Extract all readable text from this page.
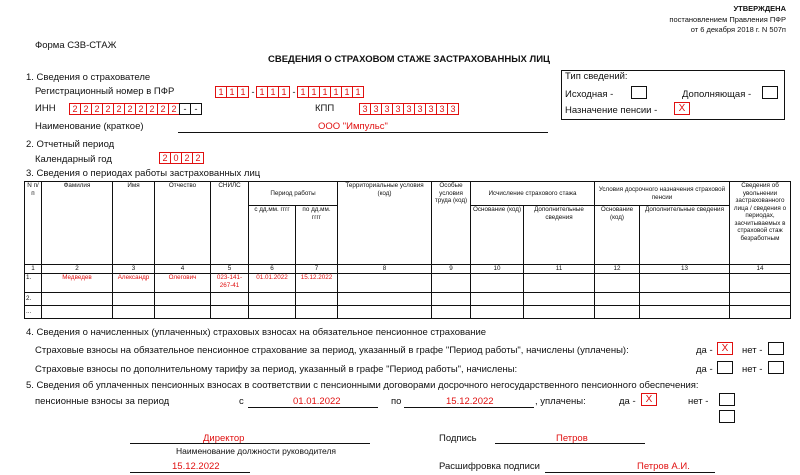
УТВЕРЖДЕНА
постановлением Правления ПФР
от 6 декабря 2018 г. N 507п
Форма СЗВ-СТАЖ
СВЕДЕНИЯ О СТРАХОВОМ СТАЖЕ ЗАСТРАХОВАННЫХ ЛИЦ
1. Сведения о страхователе
Регистрационный номер в ПФР	1 1 1 - 1 1 1 - 1 1 1 1 1 1
ИНН	2 2 2 2 2 2 2 2 2 2 - -	КПП	3 3 3 3 3 3 3 3 3
Наименование (краткое)	ООО "Импульс"
Тип сведений:
Исходная -	Дополняющая -
Назначение пенсии -	X
2. Отчетный период
Календарный год	2 0 2 2
3. Сведения о периодах работы застрахованных лиц
N п/п	Фамилия	Имя	Отчество	СНИЛС	Период работы		Территориальные условия (код)	Особые условия труда (код)	Исчисление страхового стажа		Условия досрочного назначения страховой пенсии		Сведения об увольнении застрахованного лица / сведения о периодах, засчитываемых в страховой стаж безработным
					с дд.мм. гггг	по дд.мм. гггг			Основание (код)	Дополнительные сведения	Основание (код)	Дополнительные сведения	
1	2	3	4	5	6	7	8	9	10	11	12	13	14
1.	Медведев	Александр	Олегович	023-141-267-41	01.01.2022	15.12.2022							
2.													
...													
4. Сведения о начисленных (уплаченных) страховых взносах на обязательное пенсионное страхование
Страховые взносы на обязательное пенсионное страхование за период, указанный в графе "Период работы", начислены (уплачены):	да - X	нет -
Страховые взносы по дополнительному тарифу за период, указанный в графе "Период работы", начислены:	да -	нет -
5. Сведения об уплаченных пенсионных взносах в соответствии с пенсионными договорами досрочного негосударственного пенсионного обеспечения:
пенсионные взносы за период	с	01.01.2022	по	15.12.2022	, уплачены:	да -	X	нет -
Директор
Наименование должности руководителя
Подпись	Петров
15.12.2022	Расшифровка подписи	Петров А.И.
